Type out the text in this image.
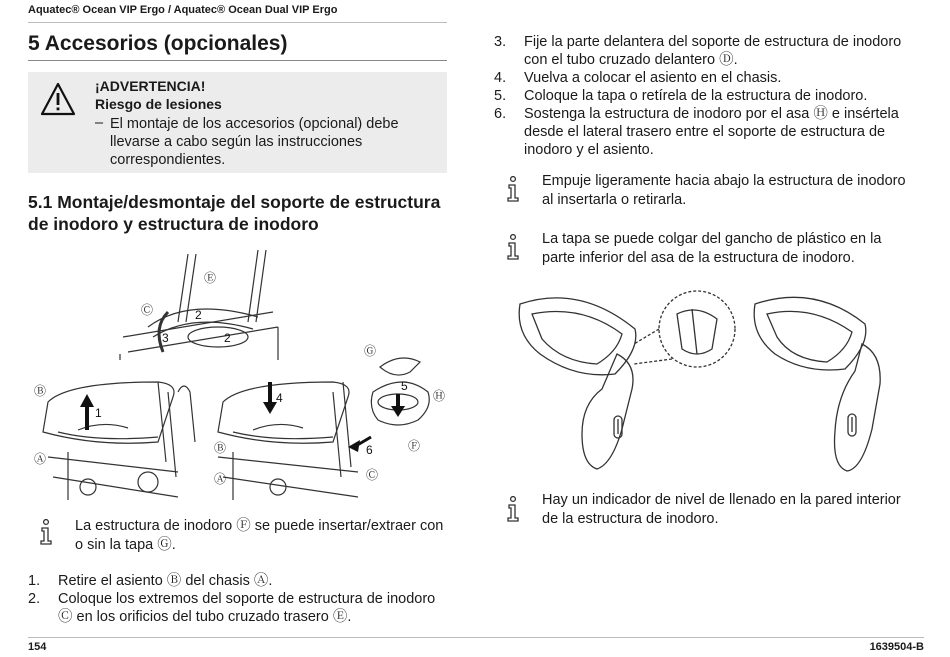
Aquatec® Ocean VIP Ergo / Aquatec® Ocean Dual VIP Ergo
5 Accesorios (opcionales)
¡ADVERTENCIA!
Riesgo de lesiones
– El montaje de los accesorios (opcional) debe llevarse a cabo según las instrucciones correspondientes.
5.1 Montaje/desmontaje del soporte de estructura de inodoro y estructura de inodoro
Ⓔ
Ⓒ	2
2
3
Ⓑ
1
Ⓐ
4
Ⓑ
Ⓐ
Ⓖ
5
Ⓗ
Ⓕ
6
Ⓒ
La estructura de inodoro Ⓕ se puede insertar/extraer con o sin la tapa Ⓖ.
1.	Retire el asiento Ⓑ del chasis Ⓐ.
2.	Coloque los extremos del soporte de estructura de inodoro Ⓒ en los orificios del tubo cruzado trasero Ⓔ.
3.	Fije la parte delantera del soporte de estructura de inodoro con el tubo cruzado delantero Ⓓ.
4.	Vuelva a colocar el asiento en el chasis.
5.	Coloque la tapa o retírela de la estructura de inodoro.
6.	Sostenga la estructura de inodoro por el asa Ⓗ e insértela desde el lateral trasero entre el soporte de estructura de inodoro y el asiento.
Empuje ligeramente hacia abajo la estructura de inodoro al insertarla o retirarla.
La tapa se puede colgar del gancho de plástico en la parte inferior del asa de la estructura de inodoro.
Hay un indicador de nivel de llenado en la pared interior de la estructura de inodoro.
154	1639504-B
